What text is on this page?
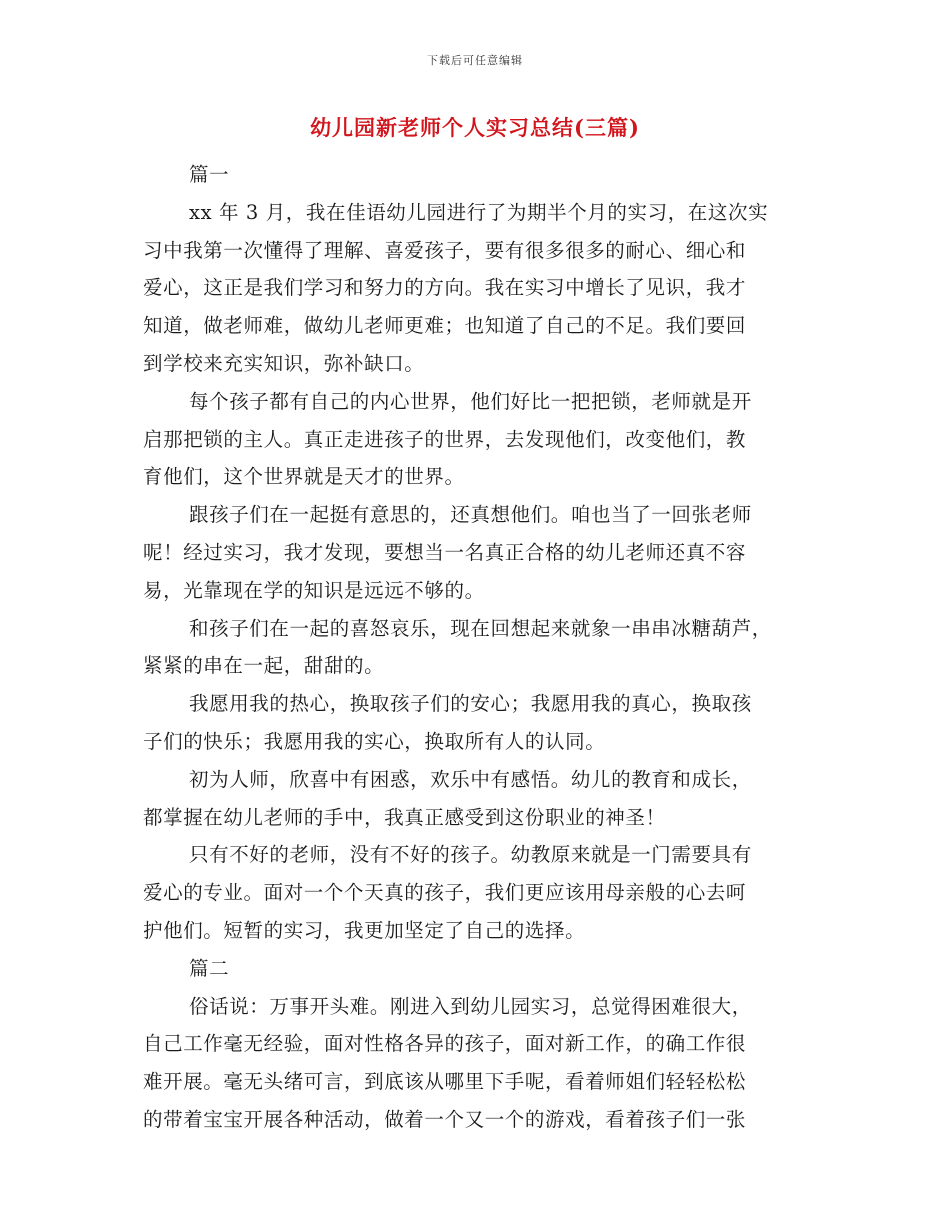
下载后可任意编辑
幼儿园新老师个人实习总结(三篇)
篇一
xx 年 3 月，我在佳语幼儿园进行了为期半个月的实习，在这次实
习中我第一次懂得了理解、喜爱孩子，要有很多很多的耐心、细心和
爱心，这正是我们学习和努力的方向。我在实习中增长了见识，我才
知道，做老师难，做幼儿老师更难；也知道了自己的不足。我们要回
到学校来充实知识，弥补缺口。
每个孩子都有自己的内心世界，他们好比一把把锁，老师就是开
启那把锁的主人。真正走进孩子的世界，去发现他们，改变他们，教
育他们，这个世界就是天才的世界。
跟孩子们在一起挺有意思的，还真想他们。咱也当了一回张老师
呢！经过实习，我才发现，要想当一名真正合格的幼儿老师还真不容
易，光靠现在学的知识是远远不够的。
和孩子们在一起的喜怒哀乐，现在回想起来就象一串串冰糖葫芦，
紧紧的串在一起，甜甜的。
我愿用我的热心，换取孩子们的安心；我愿用我的真心，换取孩
子们的快乐；我愿用我的实心，换取所有人的认同。
初为人师，欣喜中有困惑，欢乐中有感悟。幼儿的教育和成长，
都掌握在幼儿老师的手中，我真正感受到这份职业的神圣！
只有不好的老师，没有不好的孩子。幼教原来就是一门需要具有
爱心的专业。面对一个个天真的孩子，我们更应该用母亲般的心去呵
护他们。短暂的实习，我更加坚定了自己的选择。
篇二
俗话说：万事开头难。刚进入到幼儿园实习，总觉得困难很大，
自己工作毫无经验，面对性格各异的孩子，面对新工作，的确工作很
难开展。毫无头绪可言，到底该从哪里下手呢，看着师姐们轻轻松松
的带着宝宝开展各种活动，做着一个又一个的游戏，看着孩子们一张
